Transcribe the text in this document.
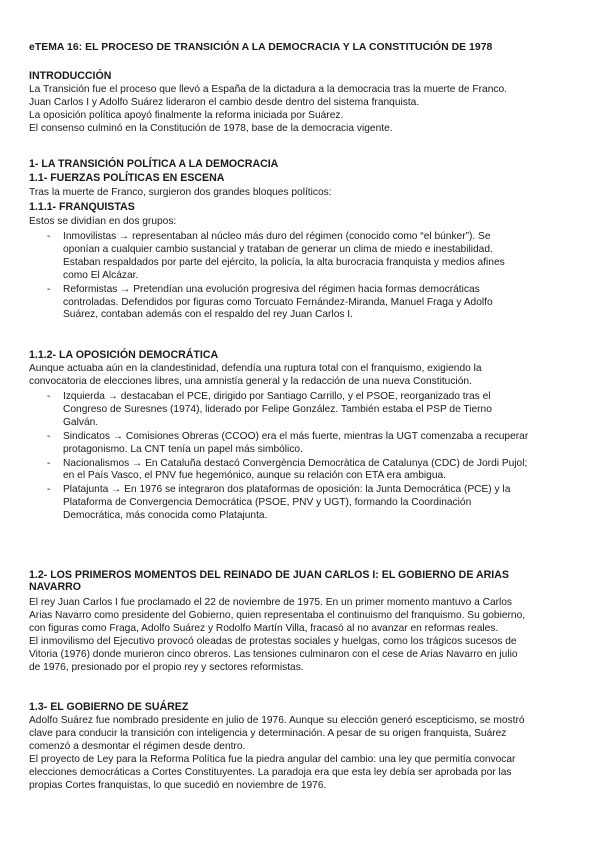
eTEMA 16: EL PROCESO DE TRANSICIÓN A LA DEMOCRACIA Y LA CONSTITUCIÓN DE 1978
INTRODUCCIÓN
La Transición fue el proceso que llevó a España de la dictadura a la democracia tras la muerte de Franco.
Juan Carlos I y Adolfo Suárez lideraron el cambio desde dentro del sistema franquista.
La oposición política apoyó finalmente la reforma iniciada por Suárez.
El consenso culminó en la Constitución de 1978, base de la democracia vigente.
1- LA TRANSICIÓN POLÍTICA A LA DEMOCRACIA
1.1- FUERZAS POLÍTICAS EN ESCENA
Tras la muerte de Franco, surgieron dos grandes bloques políticos:
1.1.1- FRANQUISTAS
Estos se dividían en dos grupos:
- Inmovilistas → representaban al núcleo más duro del régimen (conocido como “el búnker”). Se
oponían a cualquier cambio sustancial y trataban de generar un clima de miedo e inestabilidad.
Estaban respaldados por parte del ejército, la policía, la alta burocracia franquista y medios afines
como El Alcázar.
- Reformistas → Pretendían una evolución progresiva del régimen hacia formas democráticas
controladas. Defendidos por figuras como Torcuato Fernández-Miranda, Manuel Fraga y Adolfo
Suárez, contaban además con el respaldo del rey Juan Carlos I.
1.1.2- LA OPOSICIÓN DEMOCRÁTICA
Aunque actuaba aún en la clandestinidad, defendía una ruptura total con el franquismo, exigiendo la
convocatoria de elecciones libres, una amnistía general y la redacción de una nueva Constitución.
- Izquierda → destacaban el PCE, dirigido por Santiago Carrillo, y el PSOE, reorganizado tras el
Congreso de Suresnes (1974), liderado por Felipe González. También estaba el PSP de Tierno
Galván.
- Sindicatos → Comisiones Obreras (CCOO) era el más fuerte, mientras la UGT comenzaba a recuperar
protagonismo. La CNT tenía un papel más simbólico.
- Nacionalismos → En Cataluña destacó Convergència Democràtica de Catalunya (CDC) de Jordi Pujol;
en el País Vasco, el PNV fue hegemónico, aunque su relación con ETA era ambigua.
- Platajunta → En 1976 se integraron dos plataformas de oposición: la Junta Democrática (PCE) y la
Plataforma de Convergencia Democrática (PSOE, PNV y UGT), formando la Coordinación
Democrática, más conocida como Platajunta.
1.2- LOS PRIMEROS MOMENTOS DEL REINADO DE JUAN CARLOS I: EL GOBIERNO DE ARIAS
NAVARRO
El rey Juan Carlos I fue proclamado el 22 de noviembre de 1975. En un primer momento mantuvo a Carlos
Arias Navarro como presidente del Gobierno, quien representaba el continuismo del franquismo. Su gobierno,
con figuras como Fraga, Adolfo Suárez y Rodolfo Martín Villa, fracasó al no avanzar en reformas reales.
El inmovilismo del Ejecutivo provocó oleadas de protestas sociales y huelgas, como los trágicos sucesos de
Vitoria (1976) donde murieron cinco obreros. Las tensiones culminaron con el cese de Arias Navarro en julio
de 1976, presionado por el propio rey y sectores reformistas.
1.3- EL GOBIERNO DE SUÁREZ
Adolfo Suárez fue nombrado presidente en julio de 1976. Aunque su elección generó escepticismo, se mostró
clave para conducir la transición con inteligencia y determinación. A pesar de su origen franquista, Suárez
comenzó a desmontar el régimen desde dentro.
El proyecto de Ley para la Reforma Política fue la piedra angular del cambio: una ley que permitía convocar
elecciones democráticas a Cortes Constituyentes. La paradoja era que esta ley debía ser aprobada por las
propias Cortes franquistas, lo que sucedió en noviembre de 1976.
